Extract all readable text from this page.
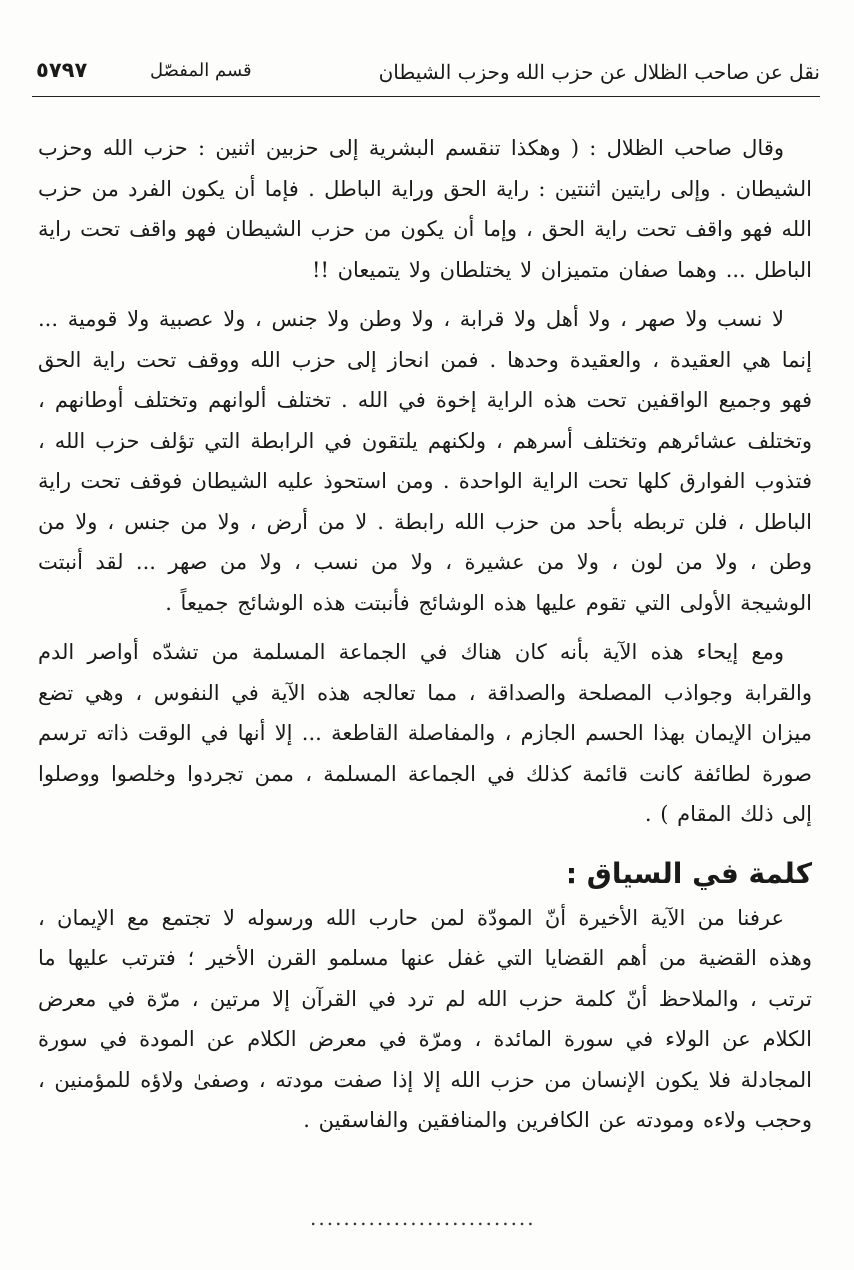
نقل عن صاحب الظلال عن حزب الله وحزب الشيطان
قسم المفصّل
٥٧٩٧

وقال صاحب الظلال : ( وهكذا تنقسم البشرية إلى حزبين اثنين : حزب الله وحزب الشيطان . وإلى رايتين اثنتين : راية الحق وراية الباطل . فإما أن يكون الفرد من حزب الله فهو واقف تحت راية الحق ، وإما أن يكون من حزب الشيطان فهو واقف تحت راية الباطل ... وهما صفان متميزان لا يختلطان ولا يتميعان !!

لا نسب ولا صهر ، ولا أهل ولا قرابة ، ولا وطن ولا جنس ، ولا عصبية ولا قومية ... إنما هي العقيدة ، والعقيدة وحدها . فمن انحاز إلى حزب الله ووقف تحت راية الحق فهو وجميع الواقفين تحت هذه الراية إخوة في الله . تختلف ألوانهم وتختلف أوطانهم ، وتختلف عشائرهم وتختلف أسرهم ، ولكنهم يلتقون في الرابطة التي تؤلف حزب الله ، فتذوب الفوارق كلها تحت الراية الواحدة . ومن استحوذ عليه الشيطان فوقف تحت راية الباطل ، فلن تربطه بأحد من حزب الله رابطة . لا من أرض ، ولا من جنس ، ولا من وطن ، ولا من لون ، ولا من عشيرة ، ولا من نسب ، ولا من صهر ... لقد أنبتت الوشيجة الأولى التي تقوم عليها هذه الوشائج فأنبتت هذه الوشائج جميعاً .

ومع إيحاء هذه الآية بأنه كان هناك في الجماعة المسلمة من تشدّه أواصر الدم والقرابة وجواذب المصلحة والصداقة ، مما تعالجه هذه الآية في النفوس ، وهي تضع ميزان الإيمان بهذا الحسم الجازم ، والمفاصلة القاطعة ... إلا أنها في الوقت ذاته ترسم صورة لطائفة كانت قائمة كذلك في الجماعة المسلمة ، ممن تجردوا وخلصوا ووصلوا إلى ذلك المقام ) .

كلمة في السياق :

عرفنا من الآية الأخيرة أنّ المودّة لمن حارب الله ورسوله لا تجتمع مع الإيمان ، وهذه القضية من أهم القضايا التي غفل عنها مسلمو القرن الأخير ؛ فترتب عليها ما ترتب ، والملاحظ أنّ كلمة حزب الله لم ترد في القرآن إلا مرتين ، مرّة في معرض الكلام عن الولاء في سورة المائدة ، ومرّة في معرض الكلام عن المودة في سورة المجادلة فلا يكون الإنسان من حزب الله إلا إذا صفت مودته ، وصفىٰ ولاؤه للمؤمنين ، وحجب ولاءه ومودته عن الكافرين والمنافقين والفاسقين .

...........................
